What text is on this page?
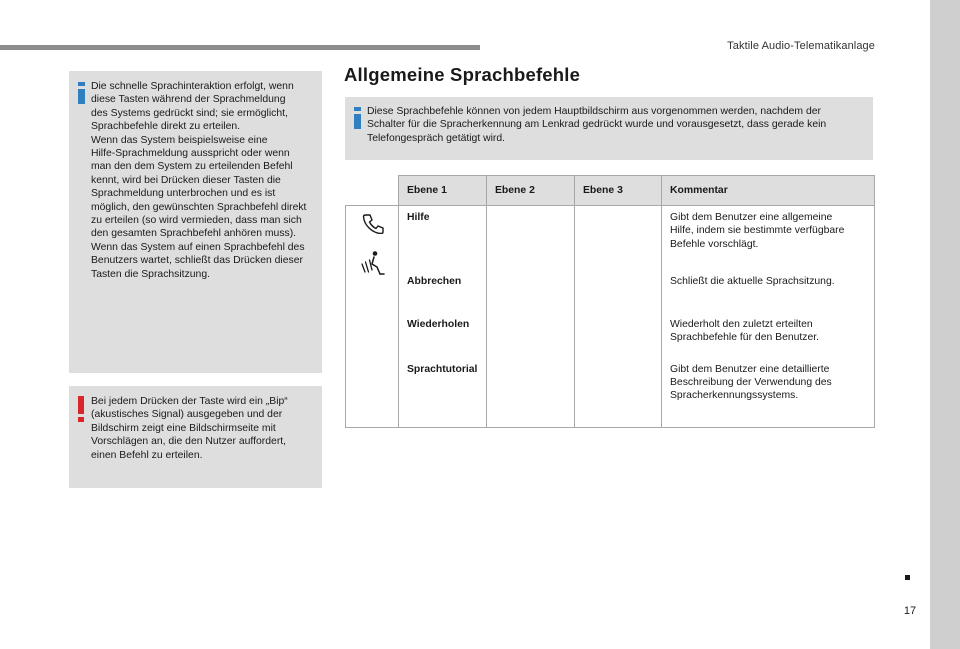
Taktile Audio-Telematikanlage
17

Die schnelle Sprachinteraktion erfolgt, wenn

diese Tasten während der Sprachmeldung

des Systems gedrückt sind; sie ermöglicht,

Sprachbefehle direkt zu erteilen.

Wenn das System beispielsweise eine

Hilfe-Sprachmeldung ausspricht oder wenn

man den dem System zu erteilenden Befehl

kennt, wird bei Drücken dieser Tasten die

Sprachmeldung unterbrochen und es ist

möglich, den gewünschten Sprachbefehl direkt

zu erteilen (so wird vermieden, dass man sich

den gesamten Sprachbefehl anhören muss).

Wenn das System auf einen Sprachbefehl des

Benutzers wartet, schließt das Drücken dieser

Tasten die Sprachsitzung.

Bei jedem Drücken der Taste wird ein „Bip“

(akustisches Signal) ausgegeben und der

Bildschirm zeigt eine Bildschirmseite mit

Vorschlägen an, die den Nutzer auffordert,

einen Befehl zu erteilen.

Allgemeine Sprachbefehle

Diese Sprachbefehle können von jedem Hauptbildschirm aus vorgenommen werden, nachdem der

Schalter für die Spracherkennung am Lenkrad gedrückt wurde und vorausgesetzt, dass gerade kein

Telefongespräch getätigt wird.

	Ebene 1	Ebene 2	Ebene 3	Kommentar

	Hilfe			Gibt dem Benutzer eine allgemeine
Hilfe, indem sie bestimmte verfügbare
Befehle vorschlägt.

	Abbrechen			Schließt die aktuelle Sprachsitzung.

	Wiederholen			Wiederholt den zuletzt erteilten
Sprachbefehle für den Benutzer.

	Sprachtutorial			Gibt dem Benutzer eine detaillierte
Beschreibung der Verwendung des
Spracherkennungssystems.
